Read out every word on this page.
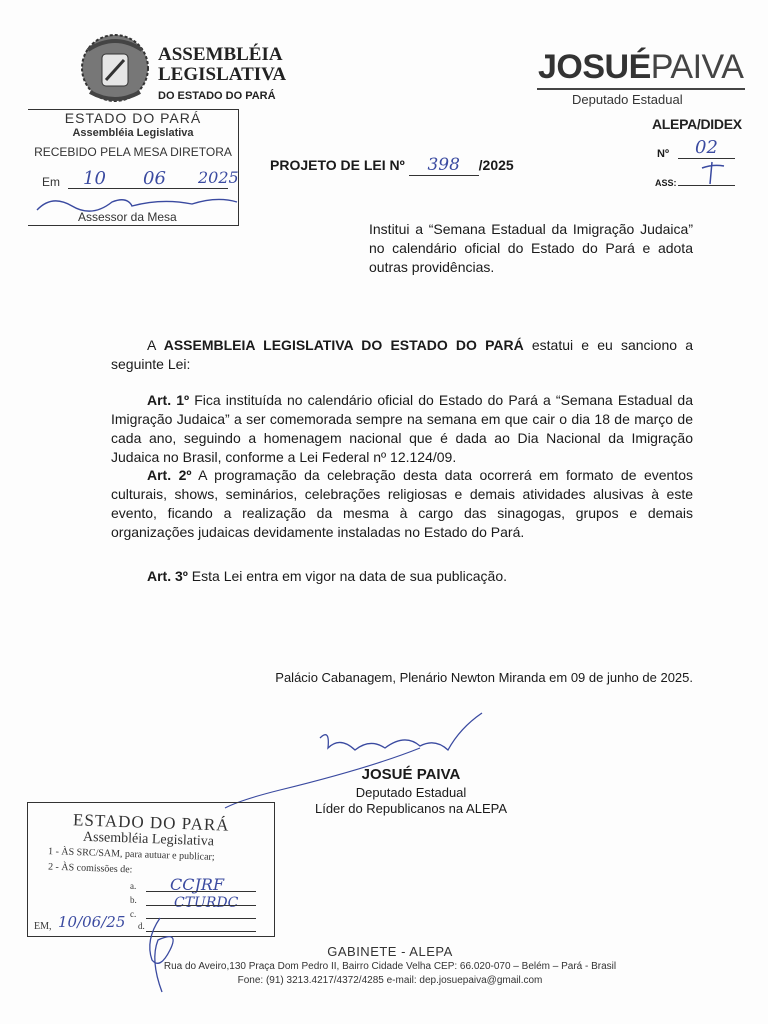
ASSEMBLÉIA
LEGISLATIVA
DO ESTADO DO PARÁ
ESTADO DO PARÁ
Assembléia Legislativa
RECEBIDO PELA MESA DIRETORA
Em 10 06 2025
Assessor da Mesa
JOSUÉPAIVA
Deputado Estadual
ALEPA/DIDEX
Nº	02
ASS:
PROJETO DE LEI Nº 398 /2025
Institui a “Semana Estadual da Imigração Judaica” no calendário oficial do Estado do Pará e adota outras providências.
A ASSEMBLEIA LEGISLATIVA DO ESTADO DO PARÁ estatui e eu sanciono a seguinte Lei:
Art. 1º Fica instituída no calendário oficial do Estado do Pará a “Semana Estadual da Imigração Judaica” a ser comemorada sempre na semana em que cair o dia 18 de março de cada ano, seguindo a homenagem nacional que é dada ao Dia Nacional da Imigração Judaica no Brasil, conforme a Lei Federal nº 12.124/09.
Art. 2º A programação da celebração desta data ocorrerá em formato de eventos culturais, shows, seminários, celebrações religiosas e demais atividades alusivas à este evento, ficando a realização da mesma à cargo das sinagogas, grupos e demais organizações judaicas devidamente instaladas no Estado do Pará.
Art. 3º Esta Lei entra em vigor na data de sua publicação.
Palácio Cabanagem, Plenário Newton Miranda em 09 de junho de 2025.
JOSUÉ PAIVA
Deputado Estadual
Líder do Republicanos na ALEPA
ESTADO DO PARÁ
Assembléia Legislativa
1 - ÀS SRC/SAM, para autuar e publicar;
2 - ÀS comissões de:
a.
b.
c.
d.
CCJRF
CTURDC
EM, 10/06/25
GABINETE - ALEPA
Rua do Aveiro,130 Praça Dom Pedro II, Bairro Cidade Velha CEP: 66.020-070 – Belém – Pará - Brasil
Fone: (91) 3213.4217/4372/4285 e-mail: dep.josuepaiva@gmail.com
